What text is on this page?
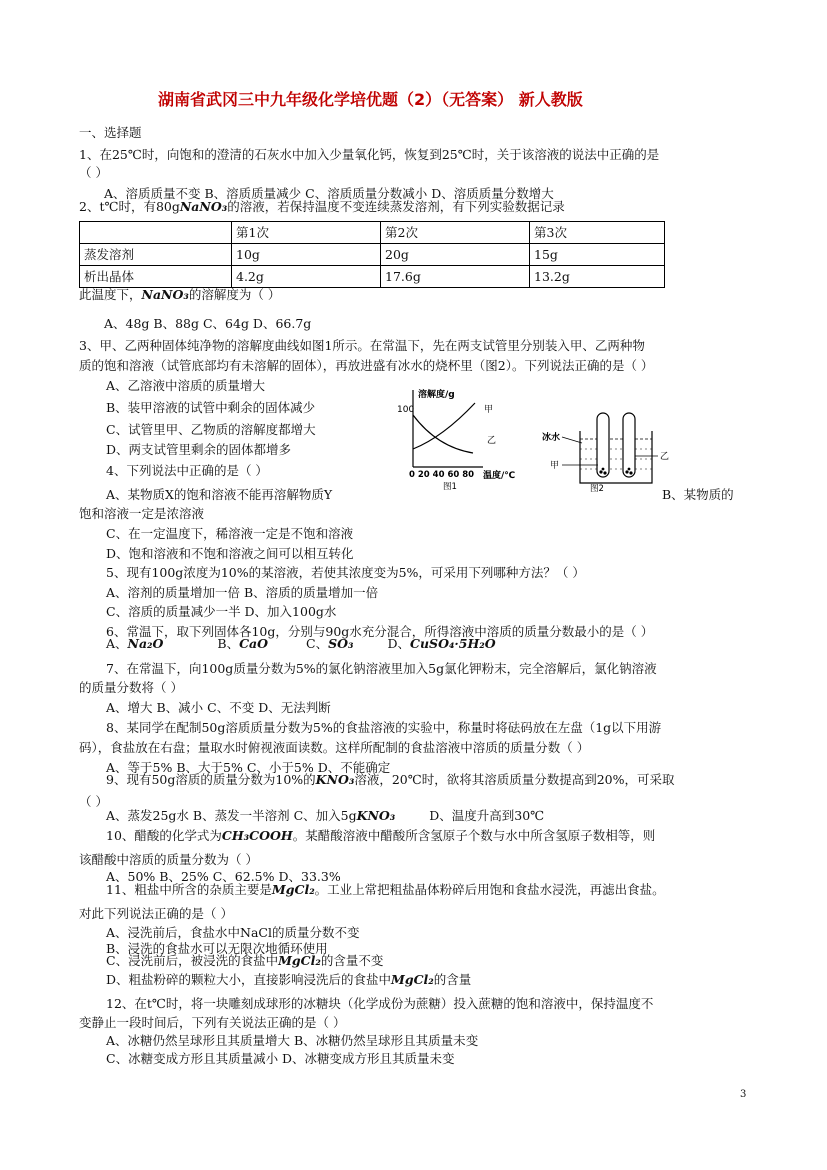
湖南省武冈三中九年级化学培优题（2）（无答案） 新人教版
一、选择题
1、在25℃时，向饱和的澄清的石灰水中加入少量氧化钙，恢复到25℃时，关于该溶液的说法中正确的是
（ ）
A、溶质质量不变 B、溶质质量减少 C、溶质质量分数减小 D、溶质质量分数增大
2、t℃时，有80gNaNO₃的溶液，若保持温度不变连续蒸发溶剂，有下列实验数据记录
	第1次	第2次	第3次
蒸发溶剂	10g	20g	15g
析出晶体	4.2g	17.6g	13.2g
此温度下，NaNO₃的溶解度为（ ）
A、48g B、88g C、64g D、66.7g
3、甲、乙两种固体纯净物的溶解度曲线如图1所示。在常温下，先在两支试管里分别装入甲、乙两种物
质的饱和溶液（试管底部均有未溶解的固体），再放进盛有冰水的烧杯里（图2）。下列说法正确的是（ ）
A、乙溶液中溶质的质量增大
B、装甲溶液的试管中剩余的固体减少
C、试管里甲、乙物质的溶解度都增大
D、两支试管里剩余的固体都增多
溶解度/g
100	甲
乙
0 20 40 60 80 温度/℃
图1
冰水
甲
乙
图2
4、下列说法中正确的是（ ）
A、某物质X的饱和溶液不能再溶解物质Y	B、某物质的
饱和溶液一定是浓溶液
C、在一定温度下，稀溶液一定是不饱和溶液
D、饱和溶液和不饱和溶液之间可以相互转化
5、现有100g浓度为10%的某溶液，若使其浓度变为5%，可采用下列哪种方法？（ ）
A、溶剂的质量增加一倍 B、溶质的质量增加一倍
C、溶质的质量减少一半 D、加入100g水
6、常温下，取下列固体各10g，分别与90g水充分混合，所得溶液中溶质的质量分数最小的是（ ）
A、Na₂O	B、CaO	C、SO₃	D、CuSO₄·5H₂O
7、在常温下，向100g质量分数为5%的氯化钠溶液里加入5g氯化钾粉末，完全溶解后，氯化钠溶液
的质量分数将（ ）
A、增大 B、减小 C、不变 D、无法判断
8、某同学在配制50g溶质质量分数为5%的食盐溶液的实验中，称量时将砝码放在左盘（1g以下用游
码），食盐放在右盘；量取水时俯视液面读数。这样所配制的食盐溶液中溶质的质量分数（ ）
A、等于5% B、大于5% C、小于5% D、不能确定
9、现有50g溶质的质量分数为10%的KNO₃溶液，20℃时，欲将其溶质质量分数提高到20%，可采取
（ ）
A、蒸发25g水 B、蒸发一半溶剂 C、加入5gKNO₃	D、温度升高到30℃
10、醋酸的化学式为CH₃COOH。某醋酸溶液中醋酸所含氢原子个数与水中所含氢原子数相等，则
该醋酸中溶质的质量分数为（ ）
A、50% B、25% C、62.5% D、33.3%
11、粗盐中所含的杂质主要是MgCl₂。工业上常把粗盐晶体粉碎后用饱和食盐水浸洗，再滤出食盐。
对此下列说法正确的是（ ）
A、浸洗前后，食盐水中NaCl的质量分数不变
B、浸洗的食盐水可以无限次地循环使用
C、浸洗前后，被浸洗的食盐中MgCl₂的含量不变
D、粗盐粉碎的颗粒大小，直接影响浸洗后的食盐中MgCl₂的含量
12、在t℃时，将一块雕刻成球形的冰糖块（化学成份为蔗糖）投入蔗糖的饱和溶液中，保持温度不
变静止一段时间后，下列有关说法正确的是（ ）
A、冰糖仍然呈球形且其质量增大 B、冰糖仍然呈球形且其质量未变
C、冰糖变成方形且其质量减小 D、冰糖变成方形且其质量未变
3
